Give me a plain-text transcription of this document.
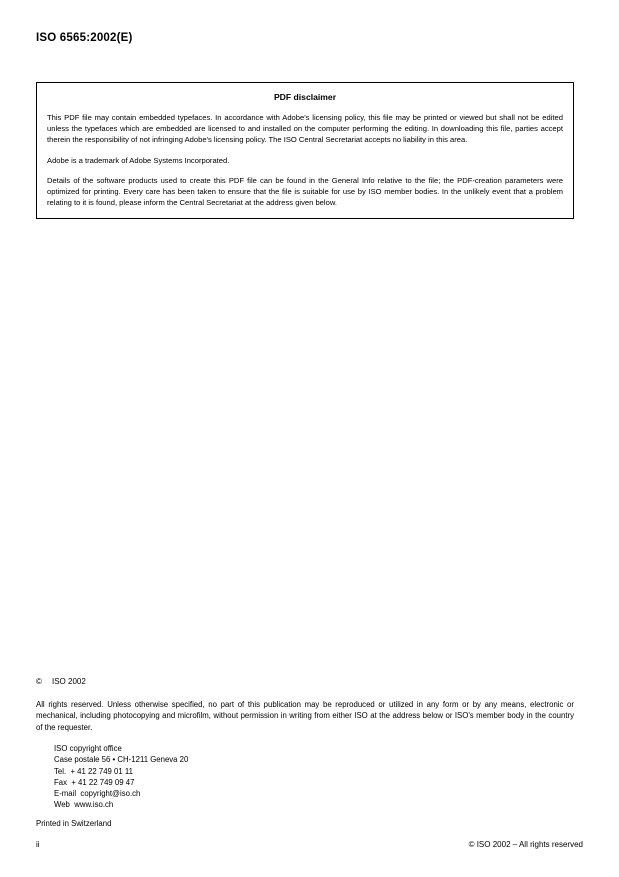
ISO 6565:2002(E)
PDF disclaimer

This PDF file may contain embedded typefaces. In accordance with Adobe's licensing policy, this file may be printed or viewed but shall not be edited unless the typefaces which are embedded are licensed to and installed on the computer performing the editing. In downloading this file, parties accept therein the responsibility of not infringing Adobe's licensing policy. The ISO Central Secretariat accepts no liability in this area.

Adobe is a trademark of Adobe Systems Incorporated.

Details of the software products used to create this PDF file can be found in the General Info relative to the file; the PDF-creation parameters were optimized for printing. Every care has been taken to ensure that the file is suitable for use by ISO member bodies. In the unlikely event that a problem relating to it is found, please inform the Central Secretariat at the address given below.

© ISO 2002

All rights reserved. Unless otherwise specified, no part of this publication may be reproduced or utilized in any form or by any means, electronic or mechanical, including photocopying and microfilm, without permission in writing from either ISO at the address below or ISO's member body in the country of the requester.

ISO copyright office
Case postale 56 • CH-1211 Geneva 20
Tel.  + 41 22 749 01 11
Fax  + 41 22 749 09 47
E-mail  copyright@iso.ch
Web  www.iso.ch
Printed in Switzerland
ii	© ISO 2002 – All rights reserved
